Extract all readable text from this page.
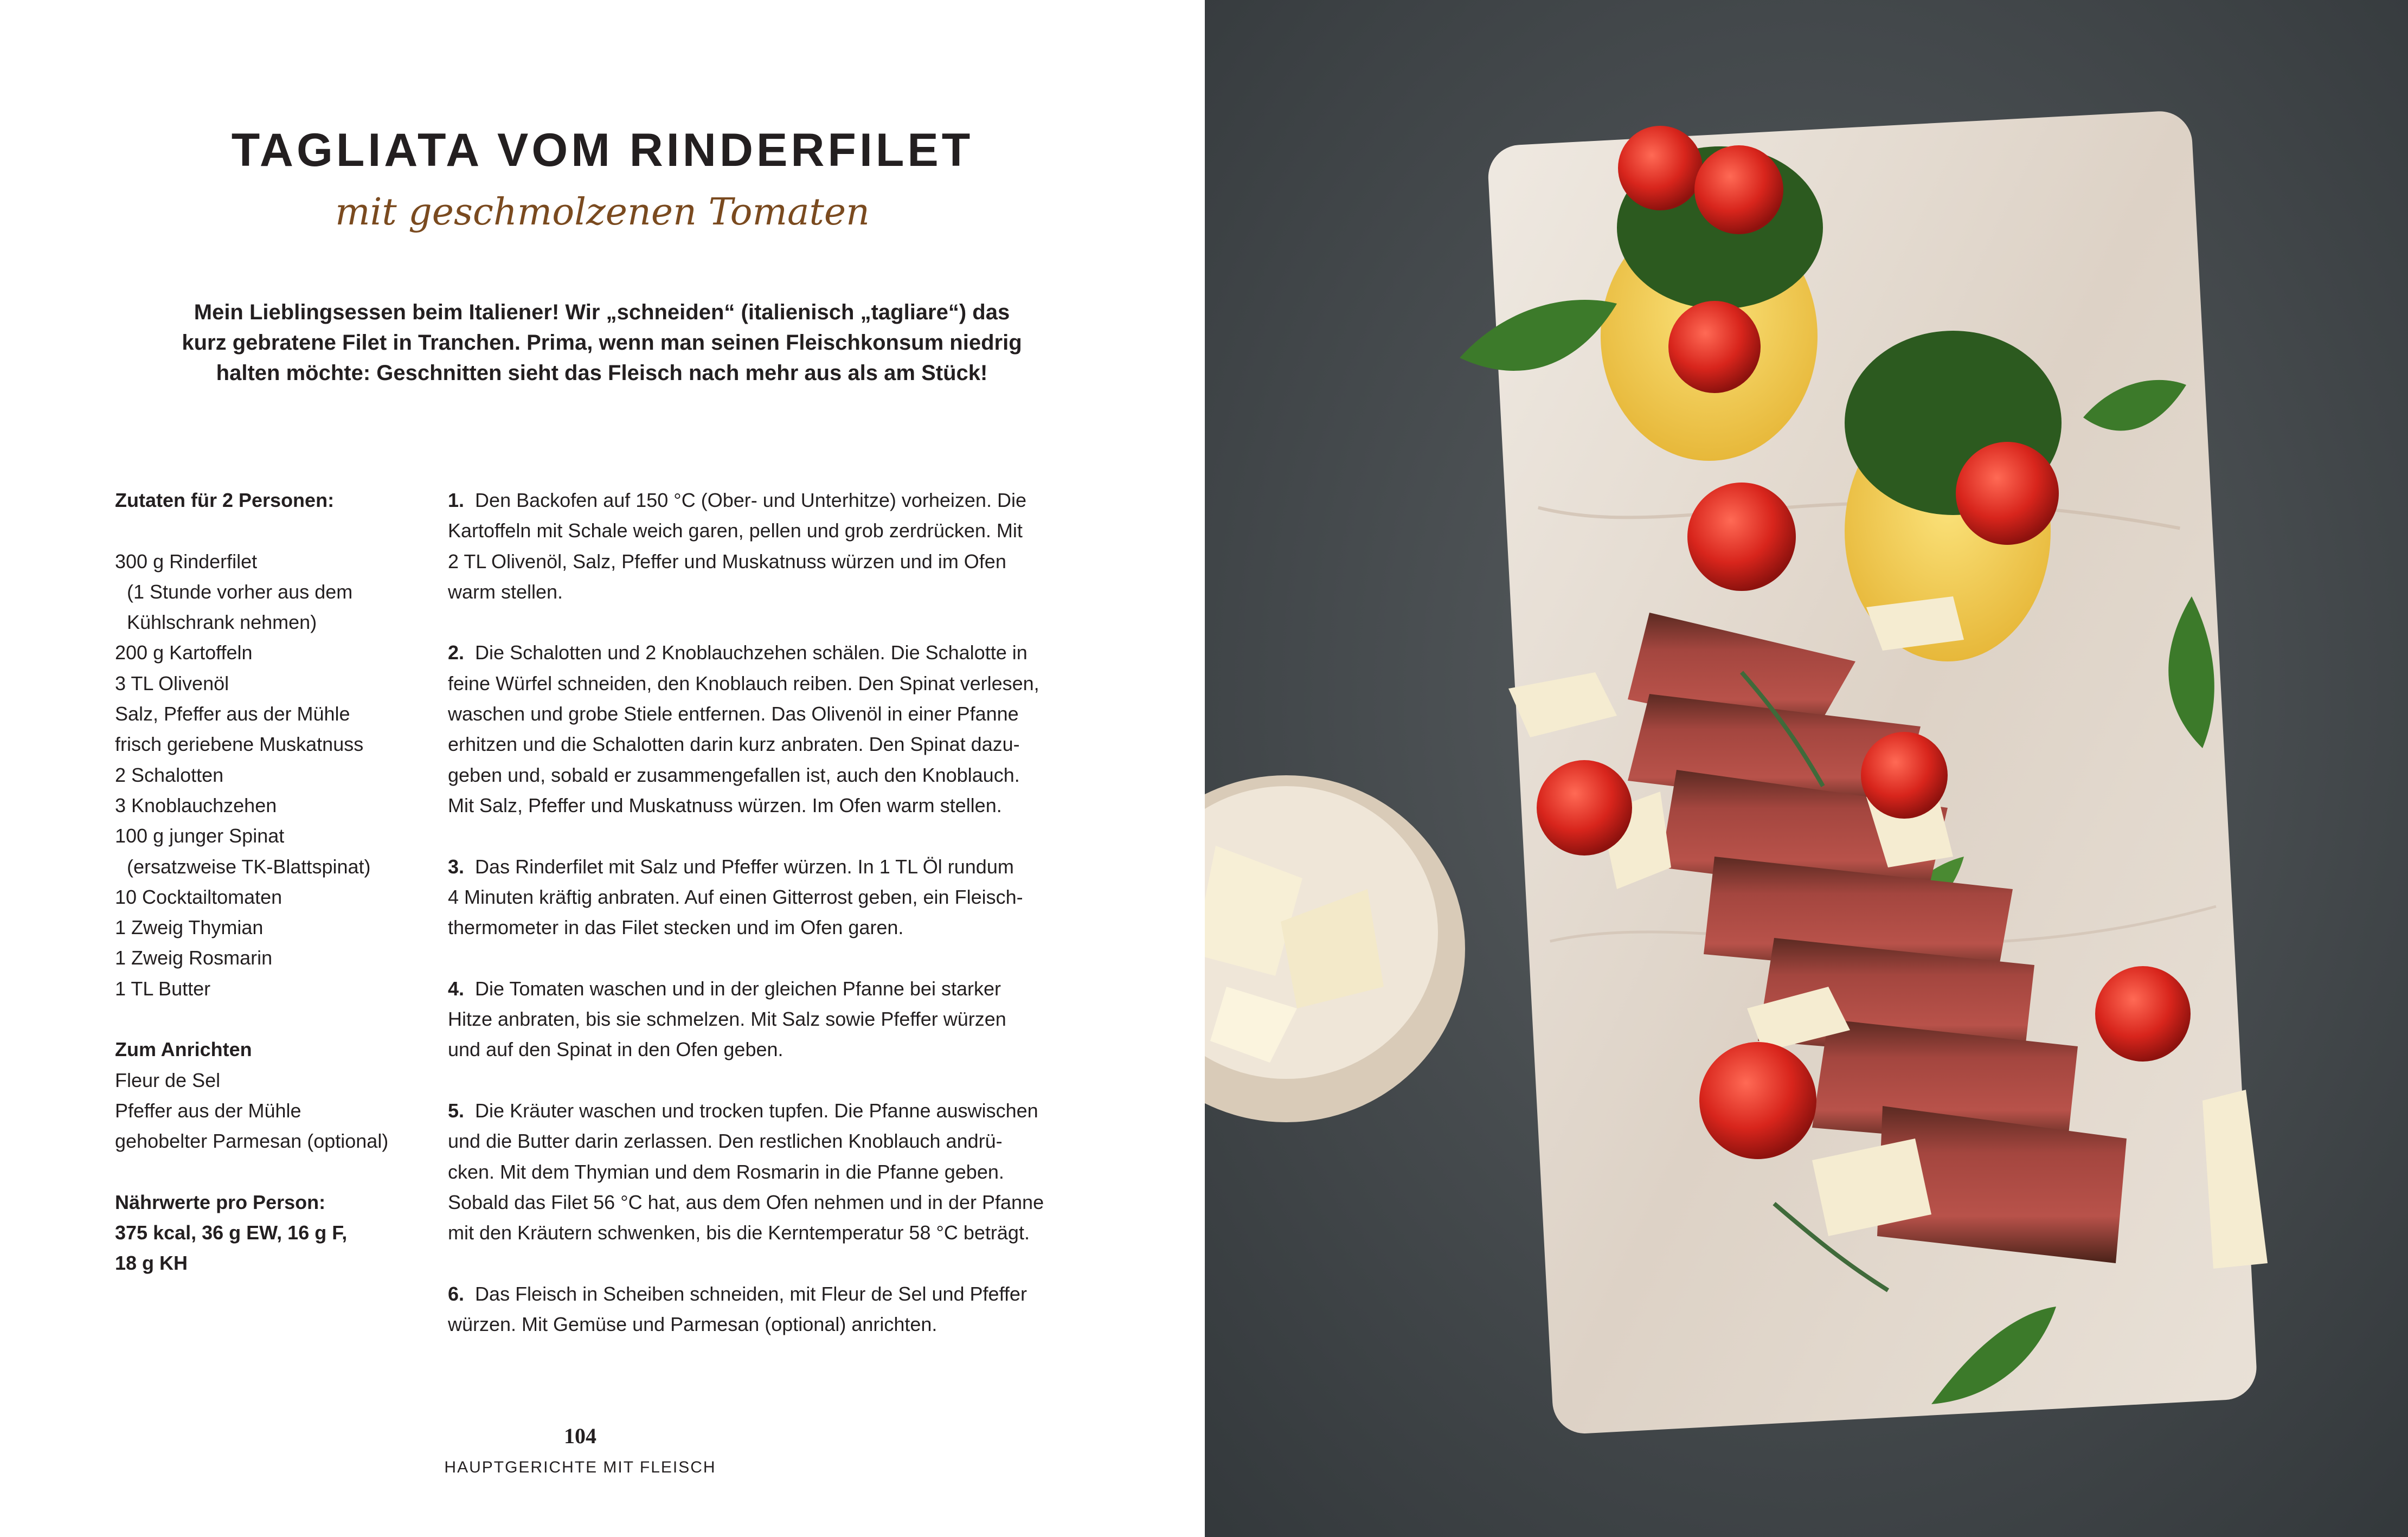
TAGLIATA VOM RINDERFILET
mit geschmolzenen Tomaten
Mein Lieblingsessen beim Italiener! Wir „schneiden“ (italienisch „tagliare“) das
kurz gebratene Filet in Tranchen. Prima, wenn man seinen Fleischkonsum niedrig
halten möchte: Geschnitten sieht das Fleisch nach mehr aus als am Stück!
Zutaten für 2 Personen:
300 g Rinderfilet
(1 Stunde vorher aus dem
Kühlschrank nehmen)
200 g Kartoffeln
3 TL Olivenöl
Salz, Pfeffer aus der Mühle
frisch geriebene Muskatnuss
2 Schalotten
3 Knoblauchzehen
100 g junger Spinat
(ersatzweise TK-Blattspinat)
10 Cocktailtomaten
1 Zweig Thymian
1 Zweig Rosmarin
1 TL Butter
Zum Anrichten
Fleur de Sel
Pfeffer aus der Mühle
gehobelter Parmesan (optional)
Nährwerte pro Person:
375 kcal, 36 g EW, 16 g F,
18 g KH
1. Den Backofen auf 150 °C (Ober- und Unterhitze) vorheizen. Die
Kartoffeln mit Schale weich garen, pellen und grob zerdrücken. Mit
2 TL Olivenöl, Salz, Pfeffer und Muskatnuss würzen und im Ofen
warm stellen.
2. Die Schalotten und 2 Knoblauchzehen schälen. Die Schalotte in
feine Würfel schneiden, den Knoblauch reiben. Den Spinat verlesen,
waschen und grobe Stiele entfernen. Das Olivenöl in einer Pfanne
erhitzen und die Schalotten darin kurz anbraten. Den Spinat dazu-
geben und, sobald er zusammengefallen ist, auch den Knoblauch.
Mit Salz, Pfeffer und Muskatnuss würzen. Im Ofen warm stellen.
3. Das Rinderfilet mit Salz und Pfeffer würzen. In 1 TL Öl rundum
4 Minuten kräftig anbraten. Auf einen Gitterrost geben, ein Fleisch-
thermometer in das Filet stecken und im Ofen garen.
4. Die Tomaten waschen und in der gleichen Pfanne bei starker
Hitze anbraten, bis sie schmelzen. Mit Salz sowie Pfeffer würzen
und auf den Spinat in den Ofen geben.
5. Die Kräuter waschen und trocken tupfen. Die Pfanne auswischen
und die Butter darin zerlassen. Den restlichen Knoblauch andrü-
cken. Mit dem Thymian und dem Rosmarin in die Pfanne geben.
Sobald das Filet 56 °C hat, aus dem Ofen nehmen und in der Pfanne
mit den Kräutern schwenken, bis die Kerntemperatur 58 °C beträgt.
6. Das Fleisch in Scheiben schneiden, mit Fleur de Sel und Pfeffer
würzen. Mit Gemüse und Parmesan (optional) anrichten.
104
HAUPTGERICHTE MIT FLEISCH
